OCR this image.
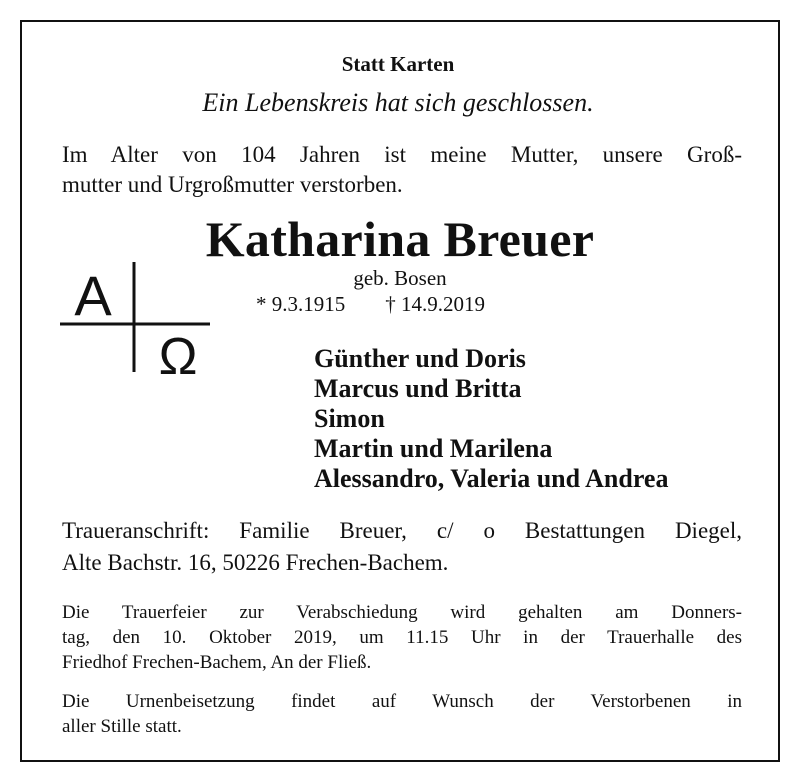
Statt Karten
Ein Lebenskreis hat sich geschlossen.
Im Alter von 104 Jahren ist meine Mutter, unsere Groß-
mutter und Urgroßmutter verstorben.
Katharina Breuer
geb. Bosen
* 9.3.1915 † 14.9.2019
A
Ω	Günther und Doris
Marcus und Britta
Simon
Martin und Marilena
Alessandro, Valeria und Andrea
Traueranschrift: Familie Breuer, c/ o Bestattungen Diegel,
Alte Bachstr. 16, 50226 Frechen-Bachem.
Die Trauerfeier zur Verabschiedung wird gehalten am Donners-
tag, den 10. Oktober 2019, um 11.15 Uhr in der Trauerhalle des
Friedhof Frechen-Bachem, An der Fließ.
Die Urnenbeisetzung findet auf Wunsch der Verstorbenen in
aller Stille statt.
